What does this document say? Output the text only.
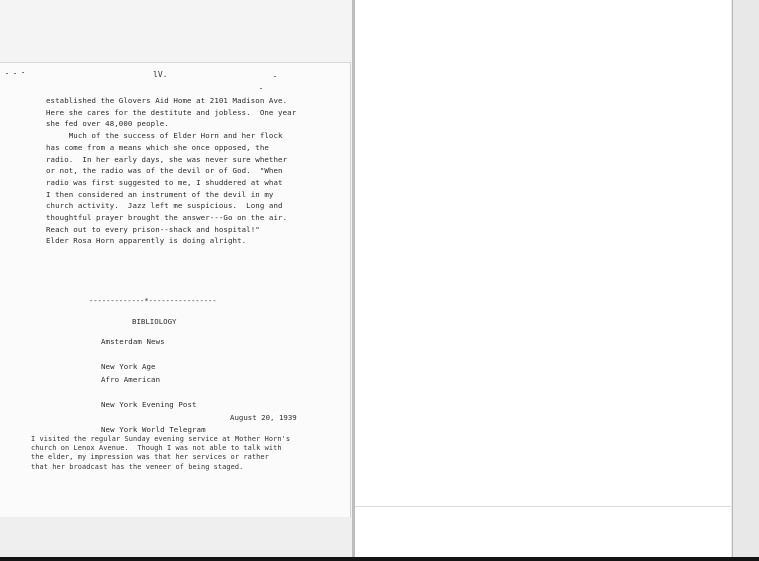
lV.
established the Glovers Aid Home at 2101 Madison Ave.
Here she cares for the destitute and jobless.  One year
she fed over 48,000 people.
Much of the success of Elder Horn and her flock
has come from a means which she once opposed, the
radio.  In her early days, she was never sure whether
or not, the radio was of the devil or of God.  "When
radio was first suggested to me, I shuddered at what
I then considered an instrument of the devil in my
church activity.  Jazz left me suspicious.  Long and
thoughtful prayer brought the answer---Go on the air.
Reach out to every prison--shack and hospital!"
Elder Rosa Horn apparently is doing alright.
-------------*----------------
BIBLIOLOGY
Amsterdam News

New York Age
Afro American

New York Evening Post

New York World Telegram
August 20, 1939
I visited the regular Sunday evening service at Mother Horn's
church on Lenox Avenue.  Though I was not able to talk with
the elder, my impression was that her services or rather
that her broadcast has the veneer of being staged.
